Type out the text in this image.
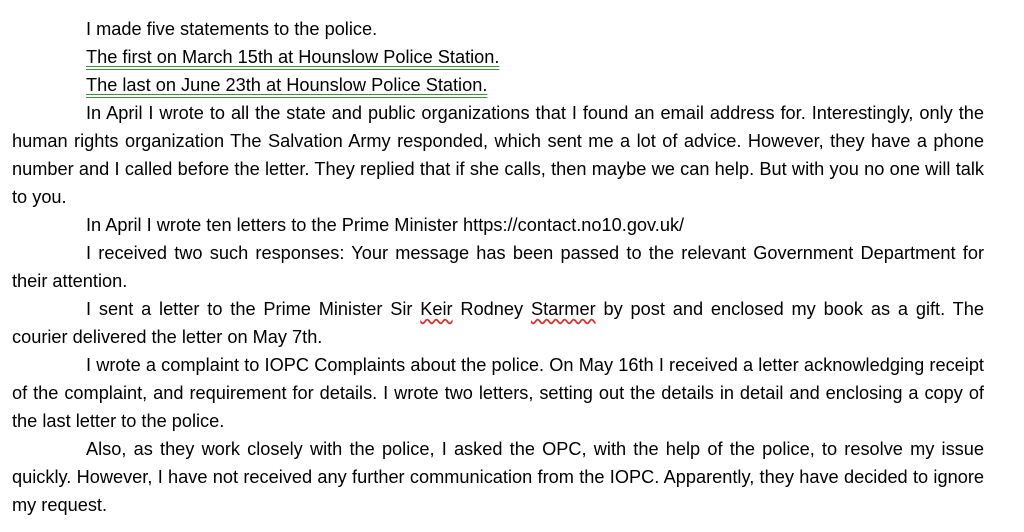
I made five statements to the police.

The first on March 15th at Hounslow Police Station.

The last on June 23th at Hounslow Police Station.

In April I wrote to all the state and public organizations that I found an email address for. Interestingly, only the human rights organization The Salvation Army responded, which sent me a lot of advice. However, they have a phone number and I called before the letter. They replied that if she calls, then maybe we can help. But with you no one will talk to you.

In April I wrote ten letters to the Prime Minister https://contact.no10.gov.uk/

I received two such responses: Your message has been passed to the relevant Government Department for their attention.

I sent a letter to the Prime Minister Sir Keir Rodney Starmer by post and enclosed my book as a gift. The courier delivered the letter on May 7th.

I wrote a complaint to IOPC Complaints about the police. On May 16th I received a letter acknowledging receipt of the complaint, and requirement for details. I wrote two letters, setting out the details in detail and enclosing a copy of the last letter to the police.

Also, as they work closely with the police, I asked the OPC, with the help of the police, to resolve my issue quickly. However, I have not received any further communication from the IOPC. Apparently, they have decided to ignore my request.
